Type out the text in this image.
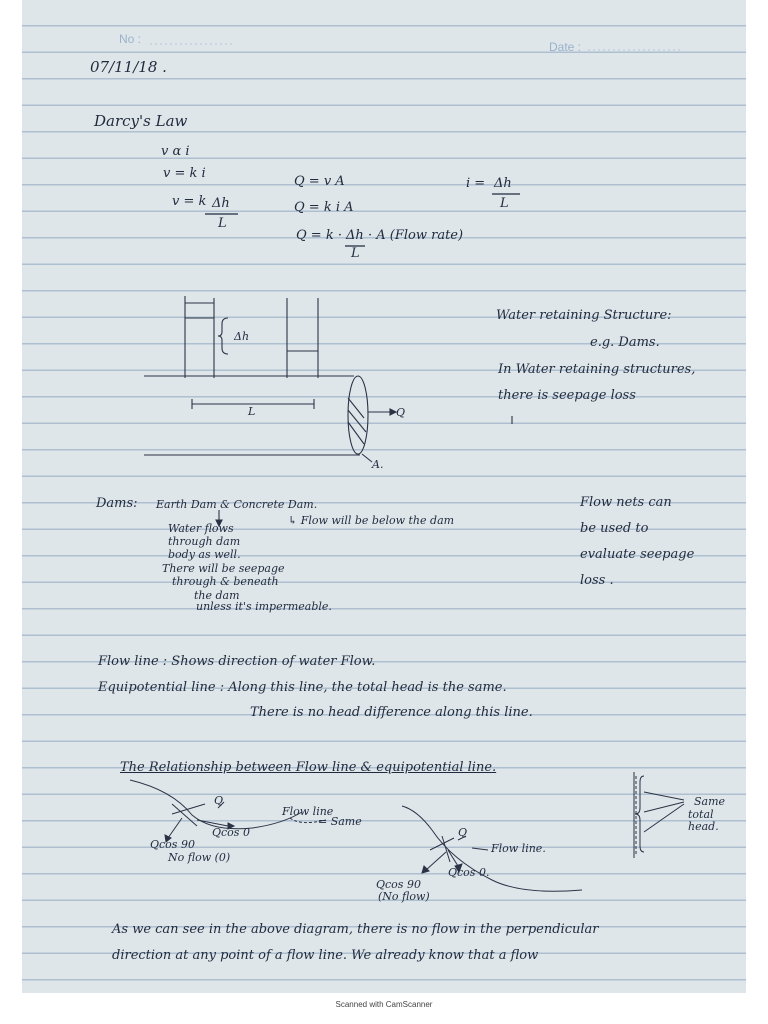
No :
Date :
07/11/18 .
Darcy's Law
v α i
v = k i
v = k Δh
L
Q = v A
Q = k i A
Q = k · Δh
L
· A (Flow rate)
i = Δh
L
Δh
L	Q
A.
Water retaining Structure:
e.g. Dams.
In Water retaining structures,
there is seepage loss
Dams: Earth Dam & Concrete Dam.
↳ Flow will be below the dam
Water flows
through dam
body as well.
There will be seepage
through & beneath
the dam
unless it's impermeable.
Flow nets can
be used to
evaluate seepage
loss .
Flow line : Shows direction of water Flow.
Equipotential line : Along this line, the total head is the same.
There is no head difference along this line.
The Relationship between Flow line & equipotential line.
Q
Qcos 90
No flow (0)
Qcos 0
Flow line
= Same
Q
Flow line.
Qcos 0.
Qcos 90
(No flow)
Same
total
head.
As we can see in the above diagram, there is no flow in the perpendicular
direction at any point of a flow line. We already know that a flow
Scanned with CamScanner
